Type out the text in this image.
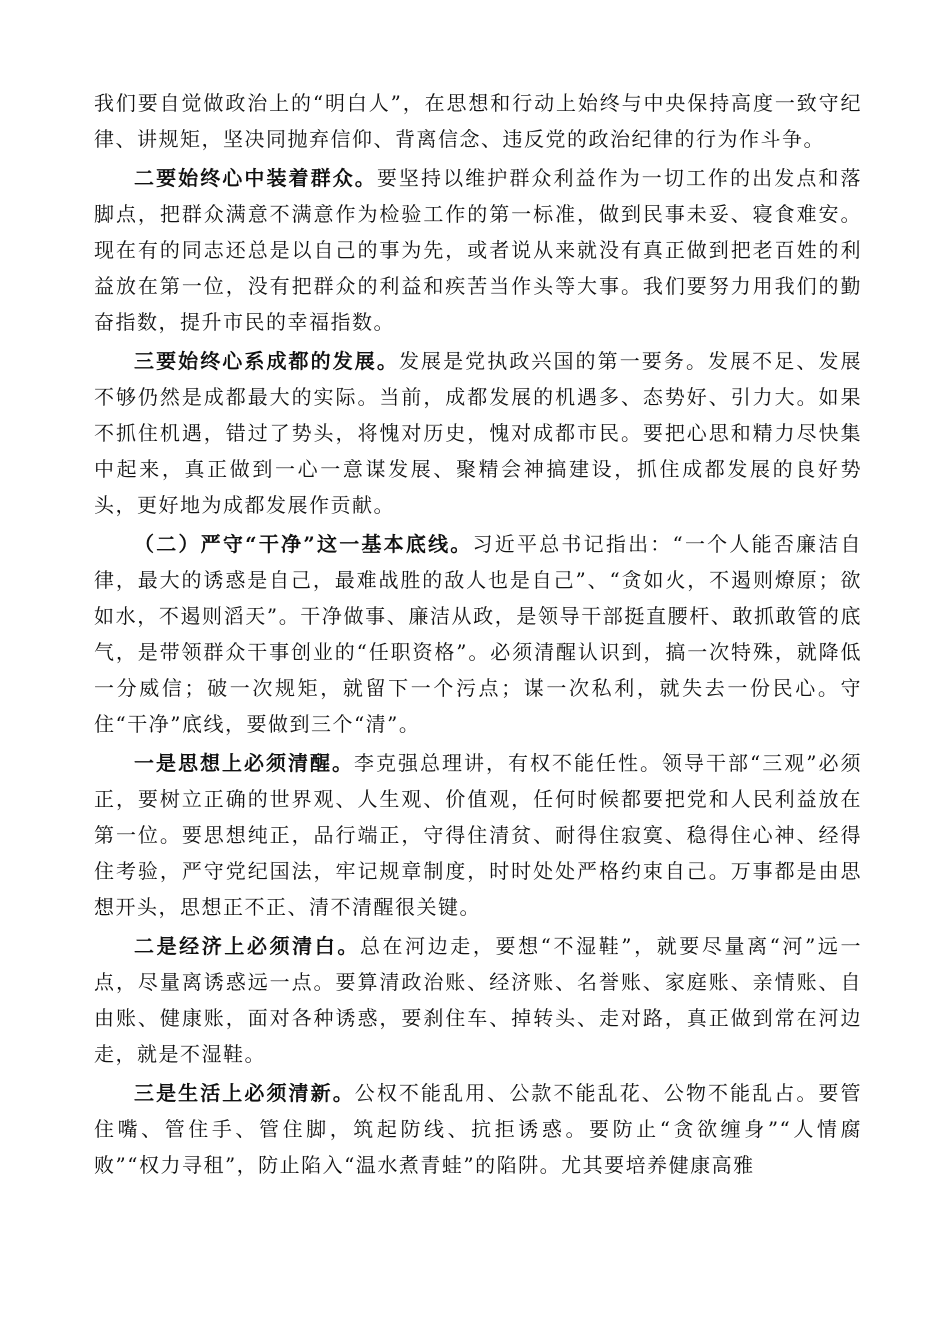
我们要自觉做政治上的“明白人”，在思想和行动上始终与中央保持高度一致守纪律、讲规矩，坚决同抛弃信仰、背离信念、违反党的政治纪律的行为作斗争。

二要始终心中装着群众。要坚持以维护群众利益作为一切工作的出发点和落脚点，把群众满意不满意作为检验工作的第一标准，做到民事未妥、寝食难安。现在有的同志还总是以自己的事为先，或者说从来就没有真正做到把老百姓的利益放在第一位，没有把群众的利益和疾苦当作头等大事。我们要努力用我们的勤奋指数，提升市民的幸福指数。

三要始终心系成都的发展。发展是党执政兴国的第一要务。发展不足、发展不够仍然是成都最大的实际。当前，成都发展的机遇多、态势好、引力大。如果不抓住机遇，错过了势头，将愧对历史，愧对成都市民。要把心思和精力尽快集中起来，真正做到一心一意谋发展、聚精会神搞建设，抓住成都发展的良好势头，更好地为成都发展作贡献。

（二）严守“干净”这一基本底线。习近平总书记指出：“一个人能否廉洁自律，最大的诱惑是自己，最难战胜的敌人也是自己”、“贪如火，不遏则燎原；欲如水，不遏则滔天”。干净做事、廉洁从政，是领导干部挺直腰杆、敢抓敢管的底气，是带领群众干事创业的“任职资格”。必须清醒认识到，搞一次特殊，就降低一分威信；破一次规矩，就留下一个污点；谋一次私利，就失去一份民心。守住“干净”底线，要做到三个“清”。

一是思想上必须清醒。李克强总理讲，有权不能任性。领导干部“三观”必须正，要树立正确的世界观、人生观、价值观，任何时候都要把党和人民利益放在第一位。要思想纯正，品行端正，守得住清贫、耐得住寂寞、稳得住心神、经得住考验，严守党纪国法，牢记规章制度，时时处处严格约束自己。万事都是由思想开头，思想正不正、清不清醒很关键。

二是经济上必须清白。总在河边走，要想“不湿鞋”，就要尽量离“河”远一点，尽量离诱惑远一点。要算清政治账、经济账、名誉账、家庭账、亲情账、自由账、健康账，面对各种诱惑，要刹住车、掉转头、走对路，真正做到常在河边走，就是不湿鞋。

三是生活上必须清新。公权不能乱用、公款不能乱花、公物不能乱占。要管住嘴、管住手、管住脚，筑起防线、抗拒诱惑。要防止“贪欲缠身”“人情腐败”“权力寻租”，防止陷入“温水煮青蛙”的陷阱。尤其要培养健康高雅
